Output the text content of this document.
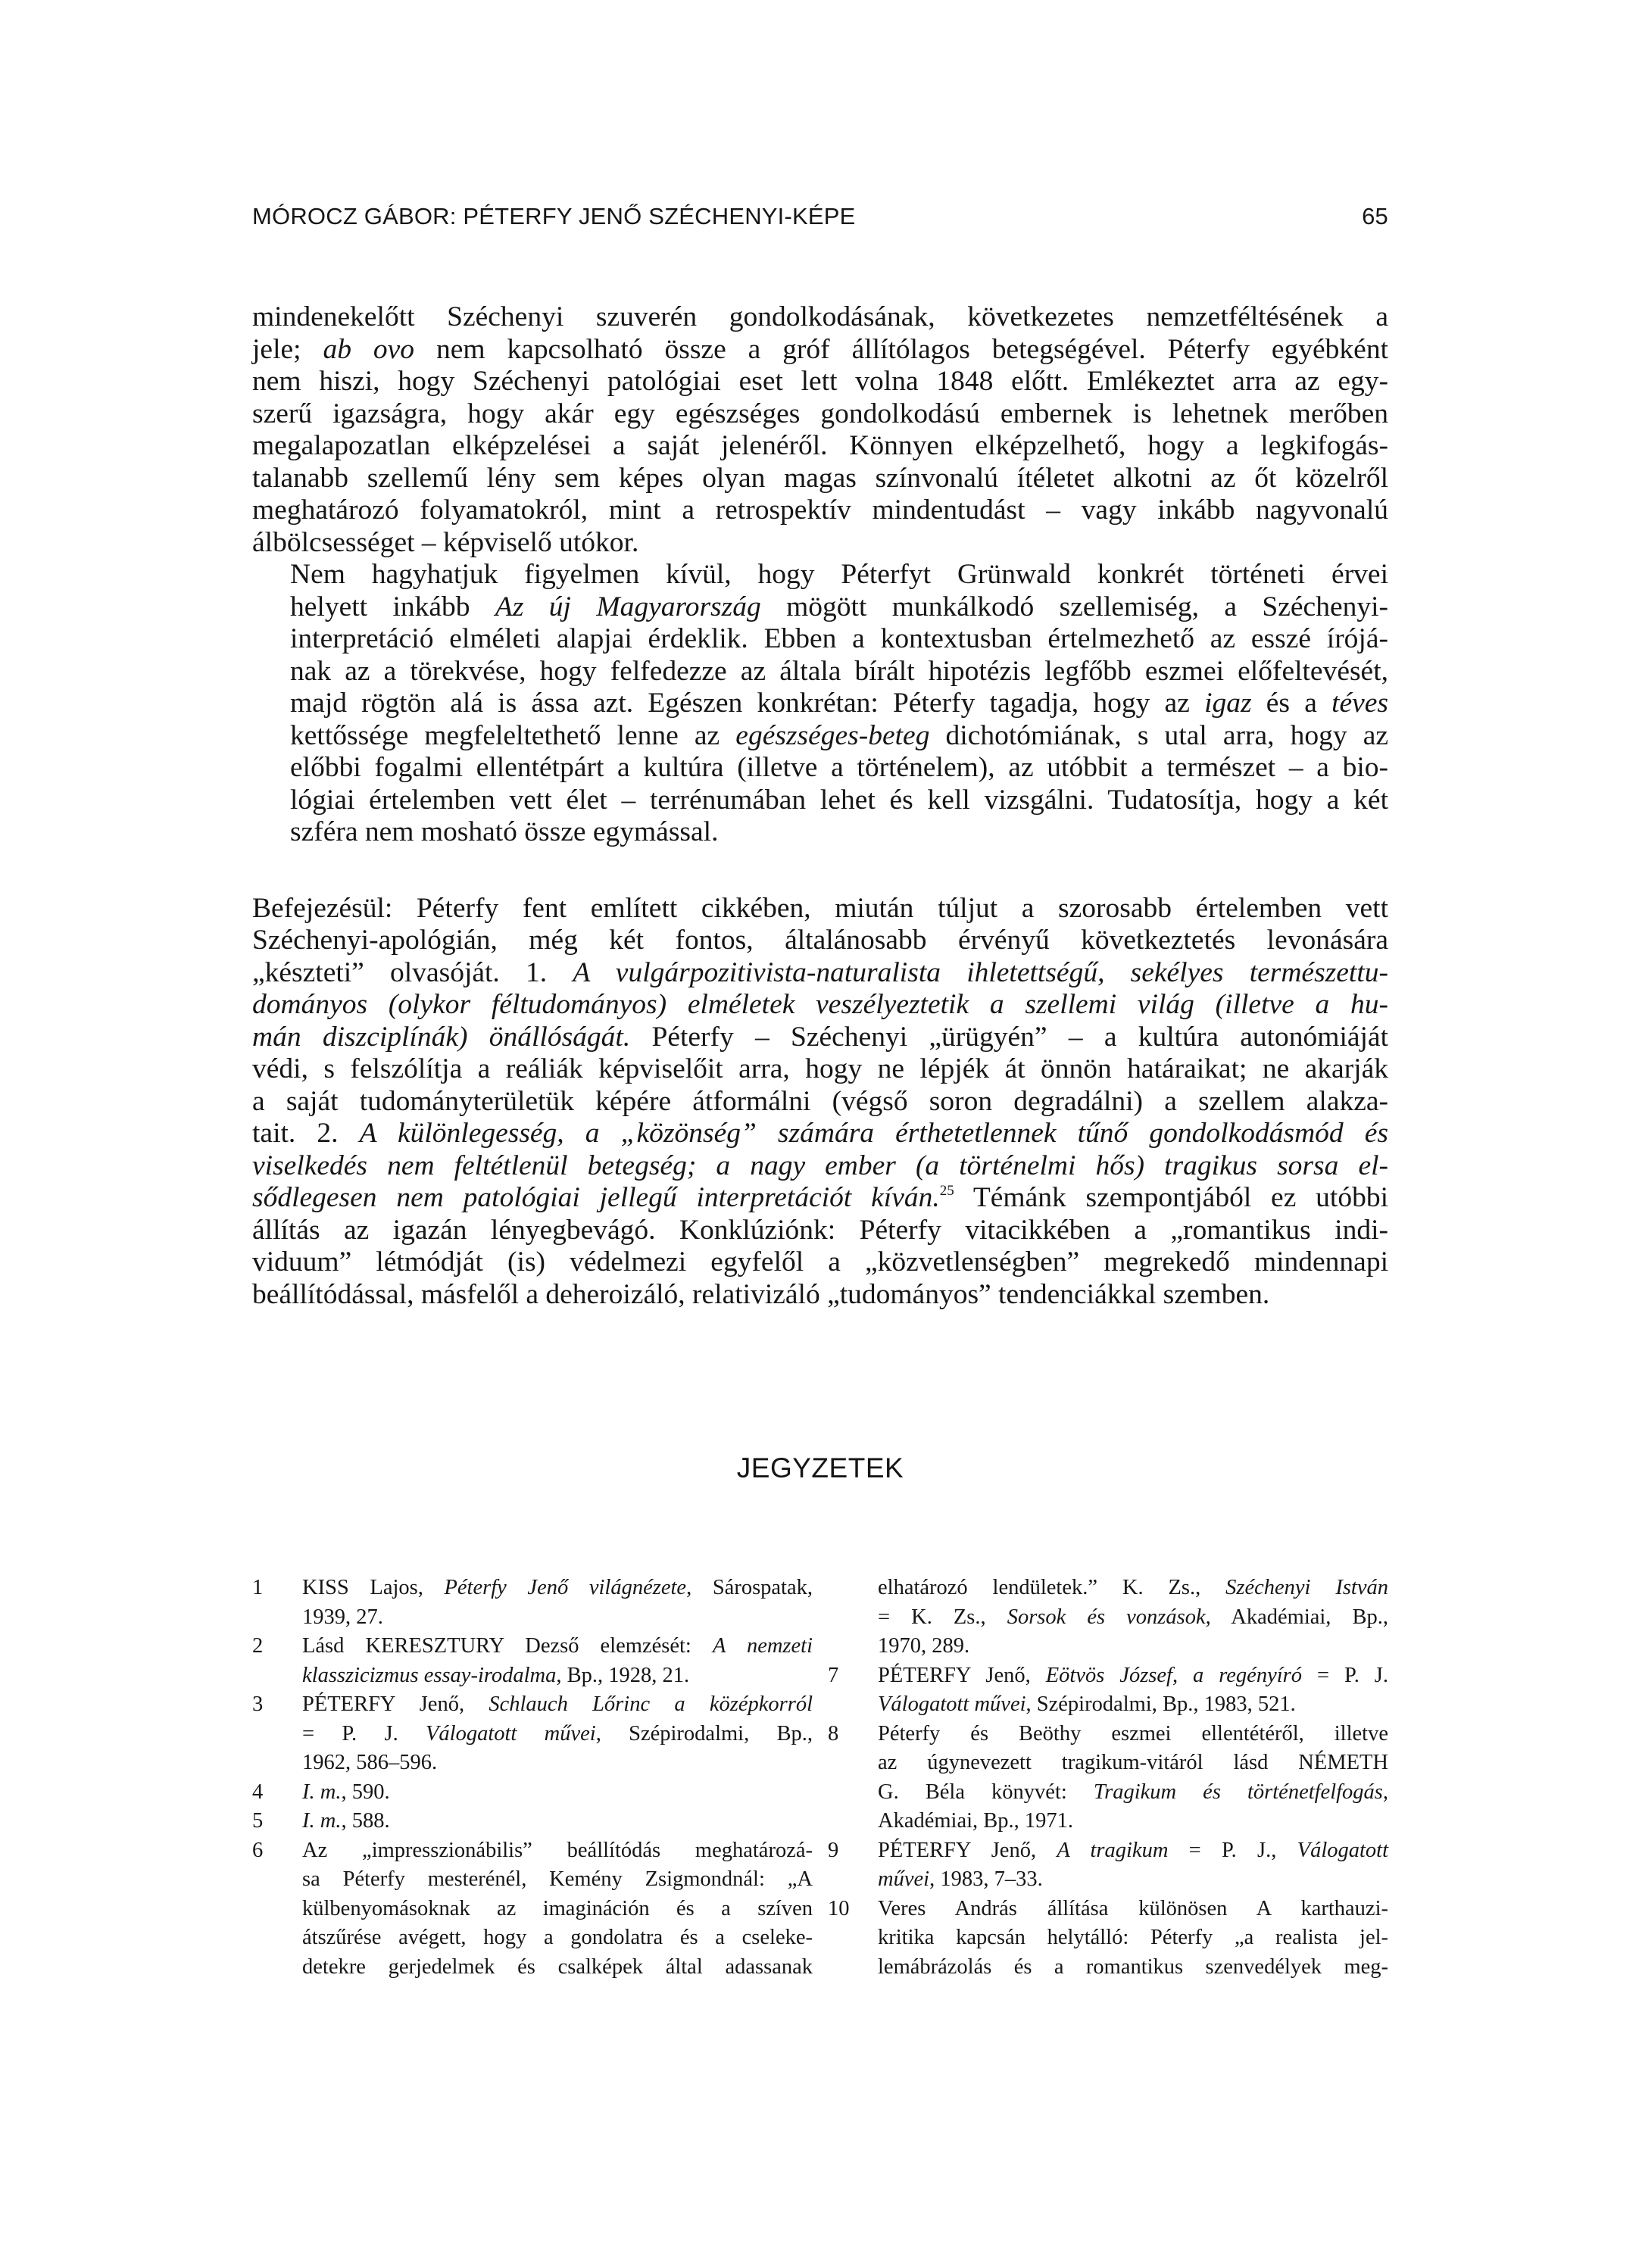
MÓROCZ GÁBOR: PÉTERFY JENŐ SZÉCHENYI-KÉPE	65

mindenekelőtt Széchenyi szuverén gondolkodásának, következetes nemzetféltésének a
jele; ab ovo nem kapcsolható össze a gróf állítólagos betegségével. Péterfy egyébként
nem hiszi, hogy Széchenyi patológiai eset lett volna 1848 előtt. Emlékeztet arra az egy-
szerű igazságra, hogy akár egy egészséges gondolkodású embernek is lehetnek merőben
megalapozatlan elképzelései a saját jelenéről. Könnyen elképzelhető, hogy a legkifogás-
talanabb szellemű lény sem képes olyan magas színvonalú ítéletet alkotni az őt közelről
meghatározó folyamatokról, mint a retrospektív mindentudást – vagy inkább nagyvonalú
álbölcsességet – képviselő utókor.

Nem hagyhatjuk figyelmen kívül, hogy Péterfyt Grünwald konkrét történeti érvei
helyett inkább Az új Magyarország mögött munkálkodó szellemiség, a Széchenyi-
interpretáció elméleti alapjai érdeklik. Ebben a kontextusban értelmezhető az esszé írójá-
nak az a törekvése, hogy felfedezze az általa bírált hipotézis legfőbb eszmei előfeltevését,
majd rögtön alá is ássa azt. Egészen konkrétan: Péterfy tagadja, hogy az igaz és a téves
kettőssége megfeleltethető lenne az egészséges-beteg dichotómiának, s utal arra, hogy az
előbbi fogalmi ellentétpárt a kultúra (illetve a történelem), az utóbbit a természet – a bio-
lógiai értelemben vett élet – terrénumában lehet és kell vizsgálni. Tudatosítja, hogy a két
szféra nem mosható össze egymással.

Befejezésül: Péterfy fent említett cikkében, miután túljut a szorosabb értelemben vett
Széchenyi-apológián, még két fontos, általánosabb érvényű következtetés levonására
„készteti” olvasóját. 1. A vulgárpozitivista-naturalista ihletettségű, sekélyes természettu-
dományos (olykor féltudományos) elméletek veszélyeztetik a szellemi világ (illetve a hu-
mán diszciplínák) önállóságát. Péterfy – Széchenyi „ürügyén” – a kultúra autonómiáját
védi, s felszólítja a reáliák képviselőit arra, hogy ne lépjék át önnön határaikat; ne akarják
a saját tudományterületük képére átformálni (végső soron degradálni) a szellem alakza-
tait. 2. A különlegesség, a „közönség” számára érthetetlennek tűnő gondolkodásmód és
viselkedés nem feltétlenül betegség; a nagy ember (a történelmi hős) tragikus sorsa el-
sődlegesen nem patológiai jellegű interpretációt kíván.$^{25}$ Témánk szempontjából ez utóbbi
állítás az igazán lényegbevágó. Konklúziónk: Péterfy vitacikkében a „romantikus indi-
viduum” létmódját (is) védelmezi egyfelől a „közvetlenségben” megrekedő mindennapi
beállítódással, másfelől a deheroizáló, relativizáló „tudományos” tendenciákkal szemben.

JEGYZETEK
1	KISS Lajos, Péterfy Jenő világnézete, Sárospatak,
1939, 27.
2	Lásd KERESZTURY Dezső elemzését: A nemzeti
klasszicizmus essay-irodalma, Bp., 1928, 21.
3	PÉTERFY Jenő, Schlauch Lőrinc a középkorról
= P. J. Válogatott művei, Szépirodalmi, Bp.,
1962, 586–596.
4	I. m., 590.
5	I. m., 588.
6	Az „impresszionábilis” beállítódás meghatározá-
sa Péterfy mesterénél, Kemény Zsigmondnál: „A
külbenyomásoknak az imagináción és a szíven
átszűrése avégett, hogy a gondolatra és a cseleke-
detekre gerjedelmek és csalképek által adassanak
elhatározó lendületek.” K. Zs., Széchenyi István
= K. Zs., Sorsok és vonzások, Akadémiai, Bp.,
1970, 289.
7	PÉTERFY Jenő, Eötvös József, a regényíró = P. J.
Válogatott művei, Szépirodalmi, Bp., 1983, 521.
8	Péterfy és Beöthy eszmei ellentétéről, illetve
az úgynevezett tragikum-vitáról lásd NÉMETH
G. Béla könyvét: Tragikum és történetfelfogás,
Akadémiai, Bp., 1971.
9	PÉTERFY Jenő, A tragikum = P. J., Válogatott
művei, 1983, 7–33.
10	Veres András állítása különösen A karthauzi-
kritika kapcsán helytálló: Péterfy „a realista jel-
lemábrázolás és a romantikus szenvedélyek meg-
